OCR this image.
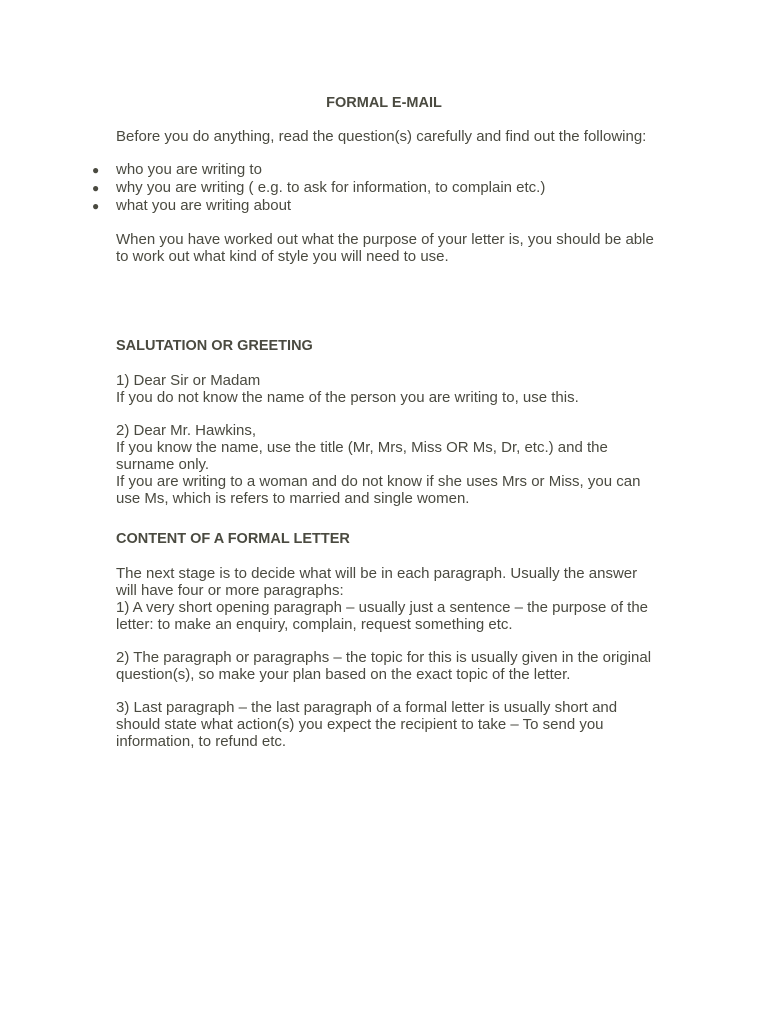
FORMAL E-MAIL

Before you do anything, read the question(s) carefully and find out the following:

● who you are writing to
● why you are writing ( e.g. to ask for information, to complain etc.)
● what you are writing about

When you have worked out what the purpose of your letter is, you should be able to work out what kind of style you will need to use.

SALUTATION OR GREETING

1) Dear Sir or Madam
If you do not know the name of the person you are writing to, use this.

2) Dear Mr. Hawkins,
If you know the name, use the title (Mr, Mrs, Miss OR Ms, Dr, etc.) and the surname only.
If you are writing to a woman and do not know if she uses Mrs or Miss, you can use Ms, which is refers to married and single women.

CONTENT OF A FORMAL LETTER

The next stage is to decide what will be in each paragraph. Usually the answer will have four or more paragraphs:
1) A very short opening paragraph – usually just a sentence – the purpose of the letter: to make an enquiry, complain, request something etc.

2) The paragraph or paragraphs – the topic for this is usually given in the original question(s), so make your plan based on the exact topic of the letter.

3) Last paragraph – the last paragraph of a formal letter is usually short and should state what action(s) you expect the recipient to take – To send you information, to refund etc.
